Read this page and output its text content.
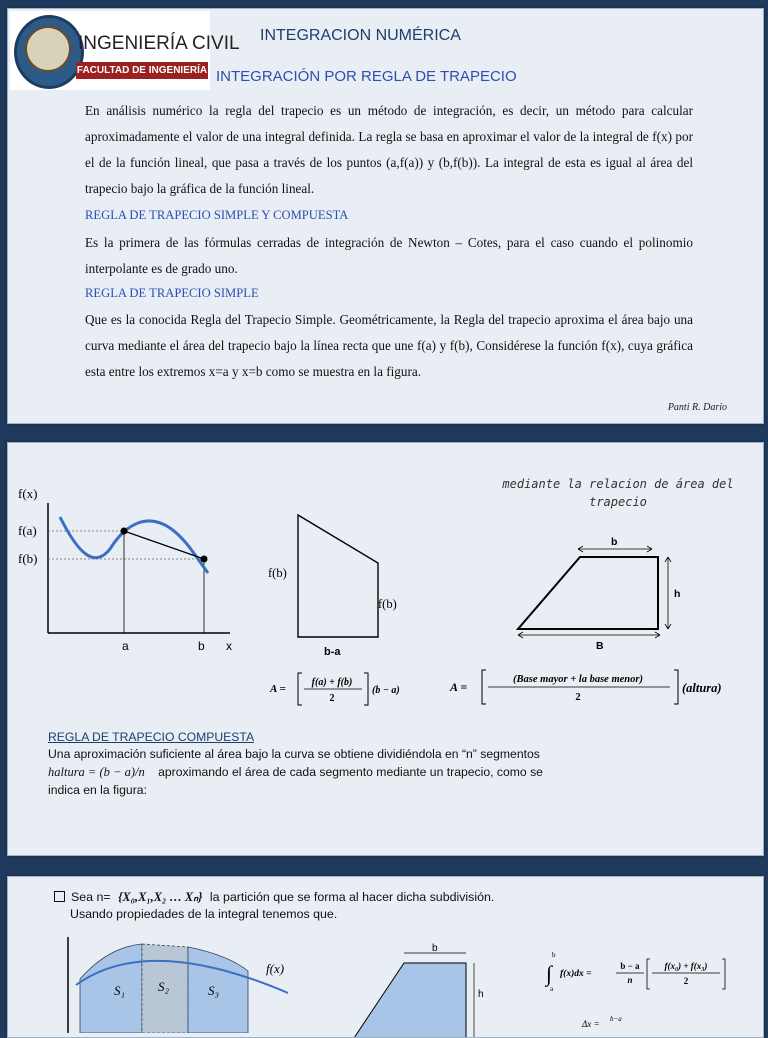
INGENIERÍA CIVIL
FACULTAD DE INGENIERÍA
INTEGRACION NUMÉRICA
INTEGRACIÓN POR REGLA DE TRAPECIO
En análisis numérico la regla del trapecio es un método de integración, es decir, un método para calcular aproximadamente el valor de una integral definida. La regla se basa en aproximar el valor de la integral de f(x) por el de la función lineal, que pasa a través de los puntos (a,f(a)) y (b,f(b)). La integral de esta es igual al área del trapecio bajo la gráfica de la función lineal.
REGLA DE TRAPECIO SIMPLE Y COMPUESTA
Es la primera de las fórmulas cerradas de integración de Newton – Cotes, para el caso cuando el polinomio interpolante es de grado uno.
REGLA DE TRAPECIO SIMPLE
Que es la conocida Regla del Trapecio Simple. Geométricamente, la Regla del trapecio aproxima el área bajo una curva mediante el área del trapecio bajo la línea recta que une f(a) y f(b), Considérese la función f(x), cuya gráfica esta entre los extremos x=a y x=b como se muestra en la figura.
Panti R. Dario
f(x)
f(a)
f(b)
a	b x
f(b)
f(b)
b-a
A =
f(a) + f(b)
2
(b − a)
mediante la relacion de área del trapecio
b
h
B
A =
(Base mayor + la base menor)
2
(altura)
REGLA DE TRAPECIO COMPUESTA
Una aproximación suficiente al área bajo la curva se obtiene dividiéndola en “n” segmentos
haltura = (b − a)/n aproximando el área de cada segmento mediante un trapecio, como se
indica en la figura:
Sea n= {X₀,X₁,X₂ … Xₙ} la partición que se forma al hacer dicha subdivisión.
Usando propiedades de la integral tenemos que.
S₁	S₂	S₃
f(x)
b
h
b
∫
a
f(x)dx =
b − a
n
f(x₀) + f(x₃)
2
Δx = b−a
